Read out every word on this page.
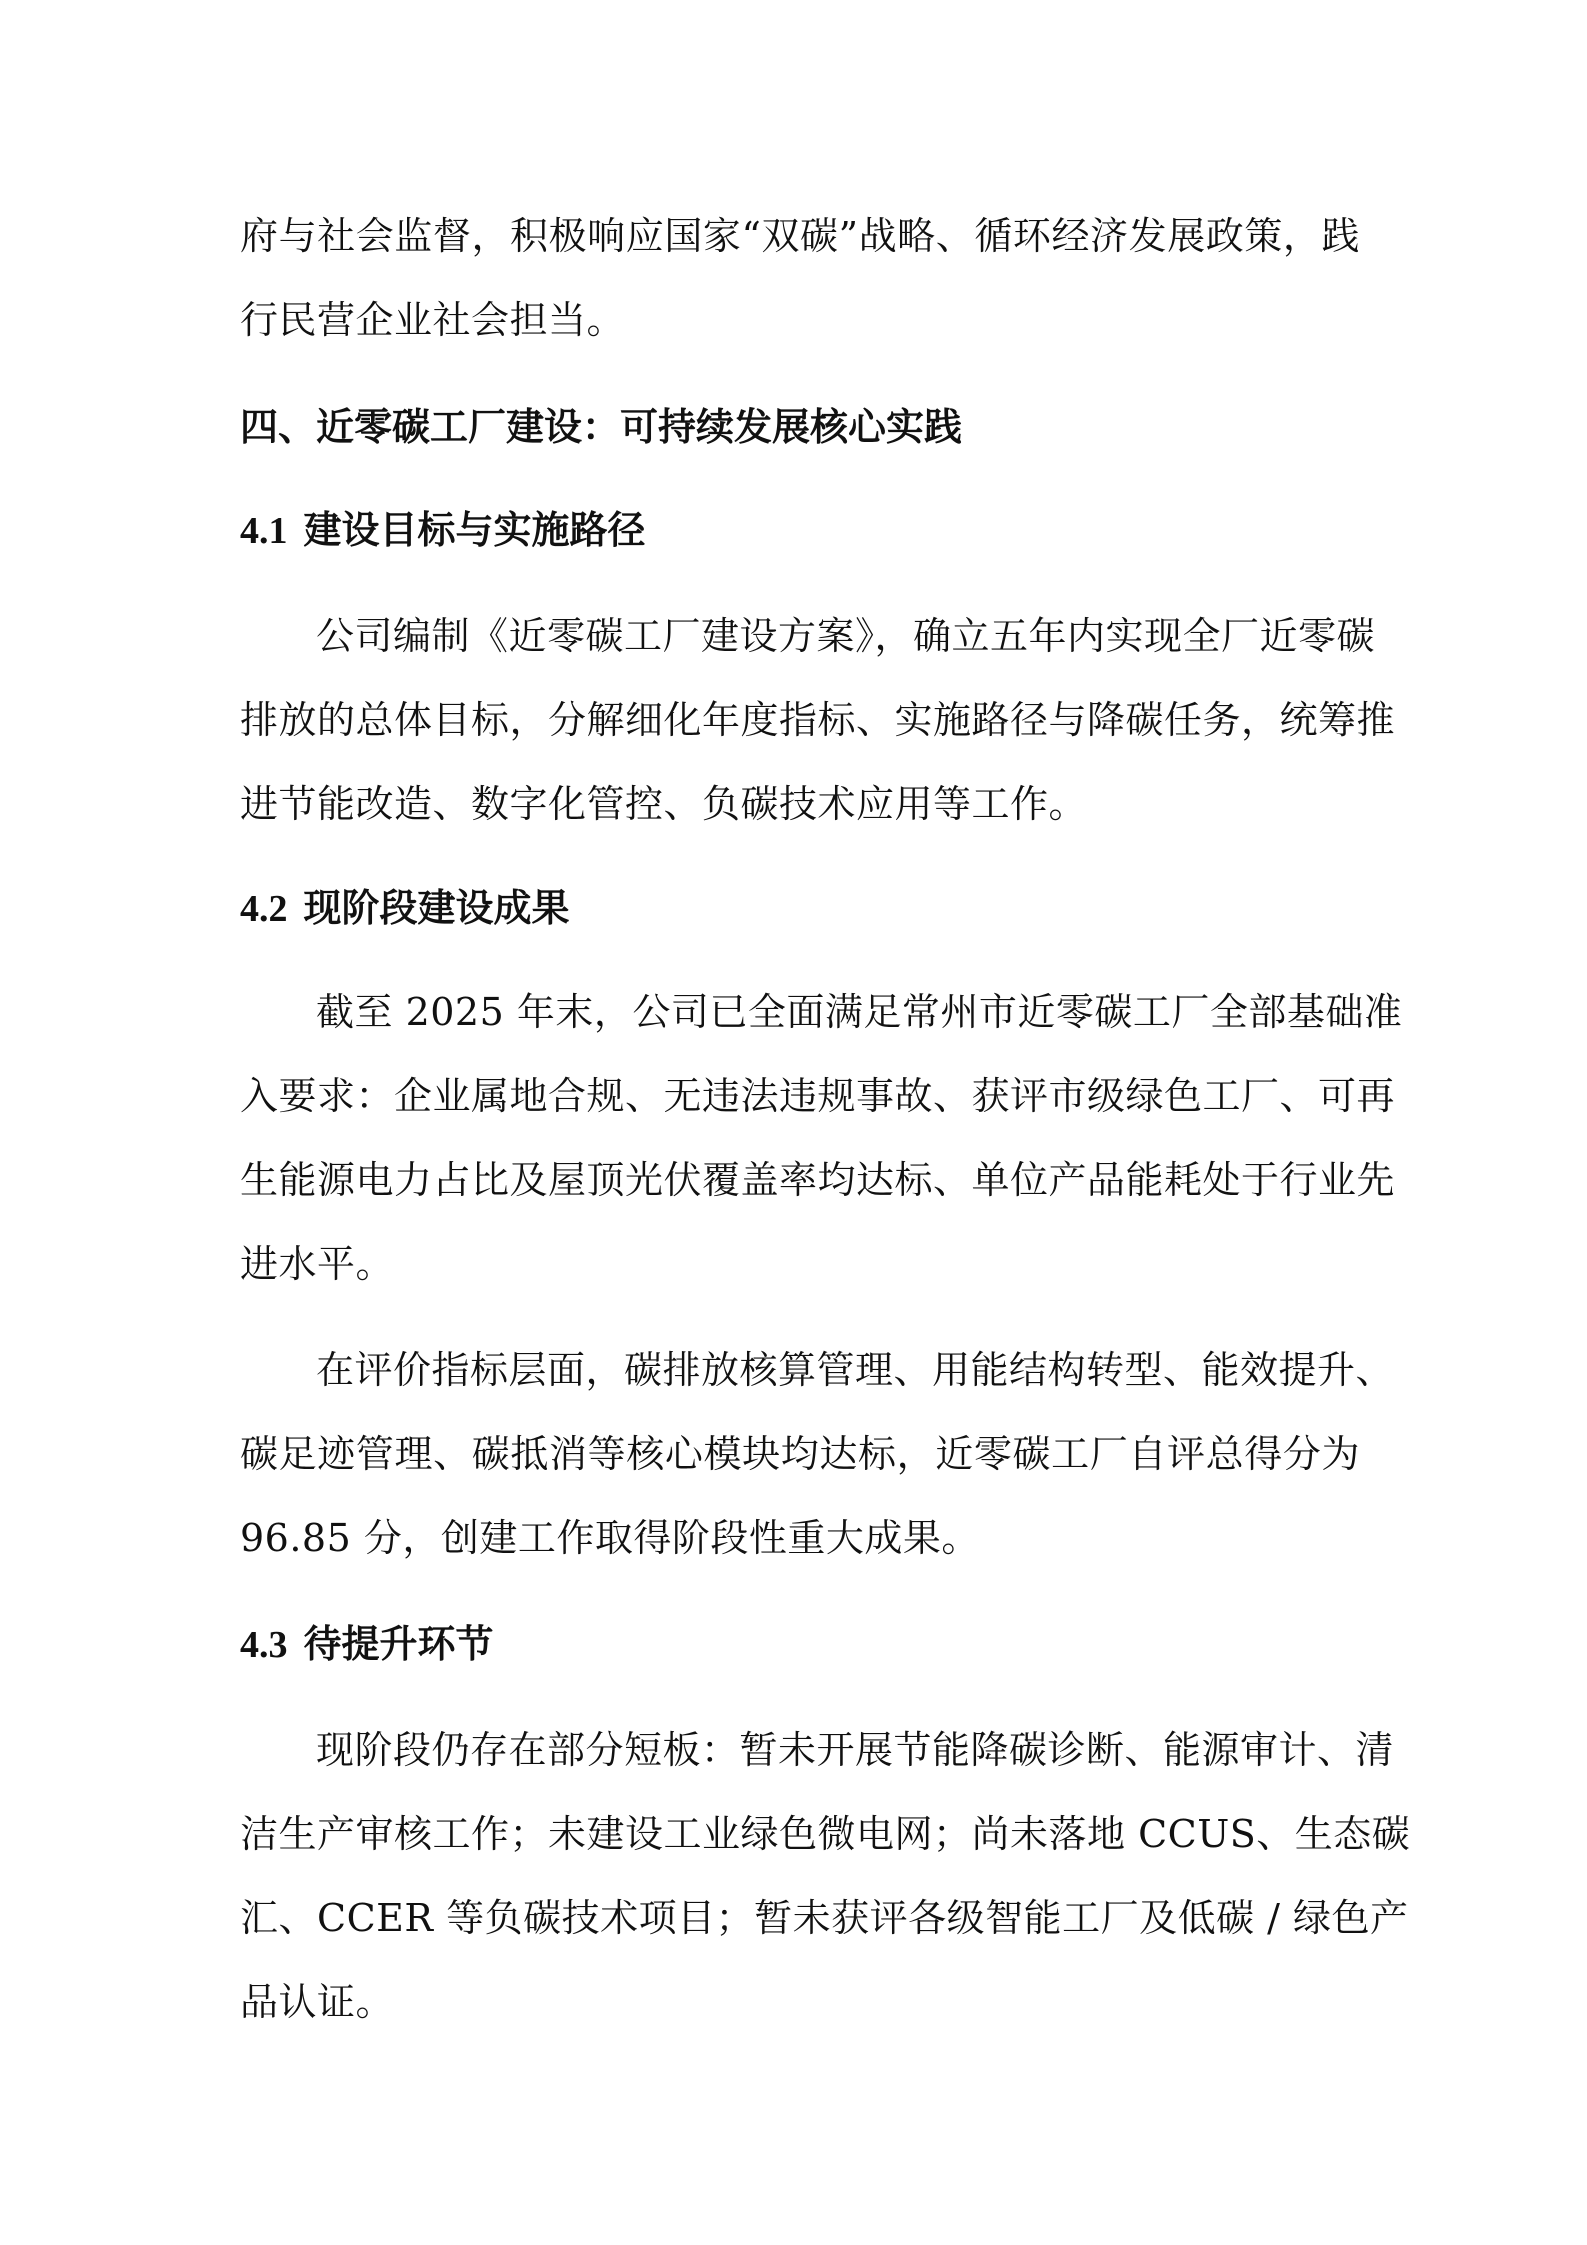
府与社会监督，积极响应国家“双碳”战略、循环经济发展政策，践
行民营企业社会担当。
四、近零碳工厂建设：可持续发展核心实践
4.1 建设目标与实施路径
公司编制《近零碳工厂建设方案》，确立五年内实现全厂近零碳
排放的总体目标，分解细化年度指标、实施路径与降碳任务，统筹推
进节能改造、数字化管控、负碳技术应用等工作。
4.2 现阶段建设成果
截至 2025 年末，公司已全面满足常州市近零碳工厂全部基础准
入要求：企业属地合规、无违法违规事故、获评市级绿色工厂、可再
生能源电力占比及屋顶光伏覆盖率均达标、单位产品能耗处于行业先
进水平。
在评价指标层面，碳排放核算管理、用能结构转型、能效提升、
碳足迹管理、碳抵消等核心模块均达标，近零碳工厂自评总得分为
96.85 分，创建工作取得阶段性重大成果。
4.3 待提升环节
现阶段仍存在部分短板：暂未开展节能降碳诊断、能源审计、清
洁生产审核工作；未建设工业绿色微电网；尚未落地 CCUS、生态碳
汇、CCER 等负碳技术项目；暂未获评各级智能工厂及低碳 / 绿色产
品认证。
